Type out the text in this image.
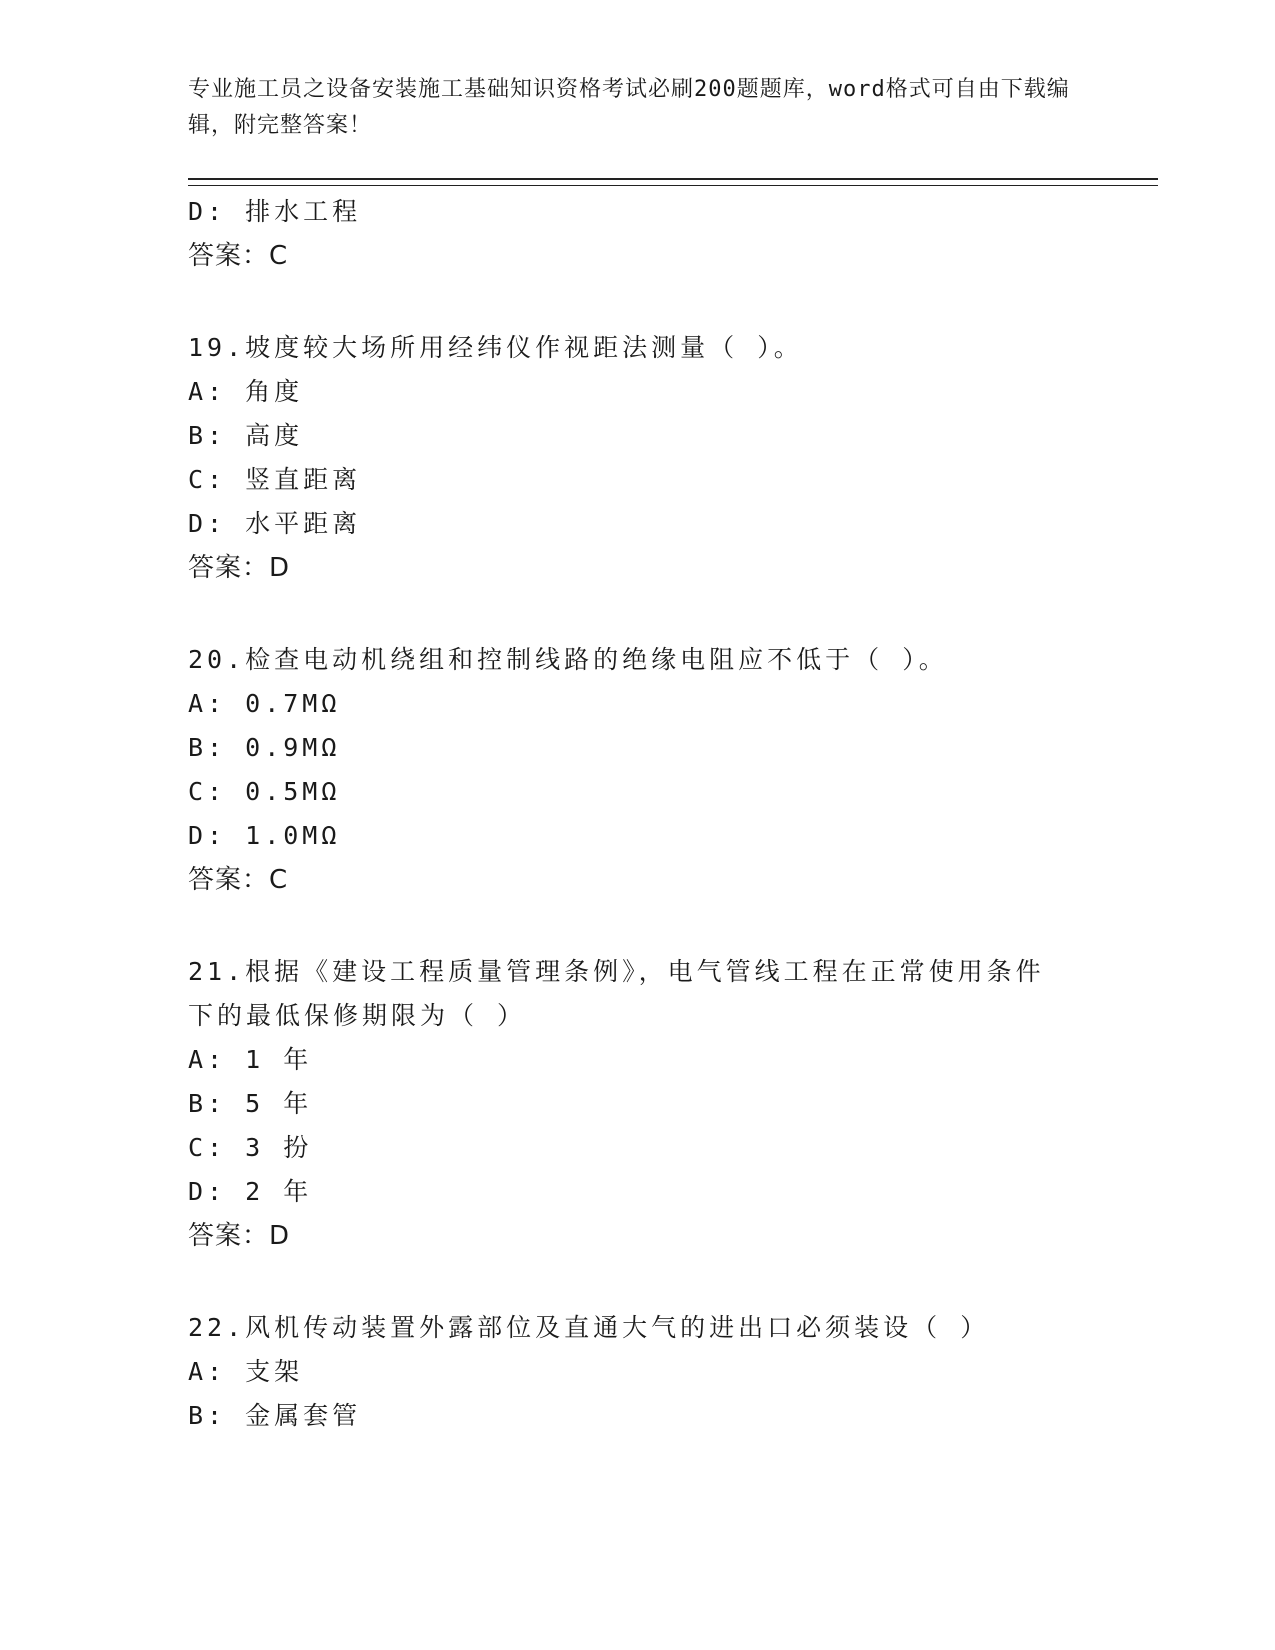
专业施工员之设备安装施工基础知识资格考试必刷200题题库，word格式可自由下载编辑，附完整答案！
D: 排水工程
答案：C
19.坡度较大场所用经纬仪作视距法测量（ ）。
A: 角度
B: 高度
C: 竖直距离
D: 水平距离
答案：D
20.检查电动机绕组和控制线路的绝缘电阻应不低于（ ）。
A: 0.7MΩ
B: 0.9MΩ
C: 0.5MΩ
D: 1.0MΩ
答案：C
21.根据《建设工程质量管理条例》，电气管线工程在正常使用条件下的最低保修期限为（ ）
A: 1 年
B: 5 年
C: 3 扮
D: 2 年
答案：D
22.风机传动装置外露部位及直通大气的进出口必须装设（ ）
A: 支架
B: 金属套管
